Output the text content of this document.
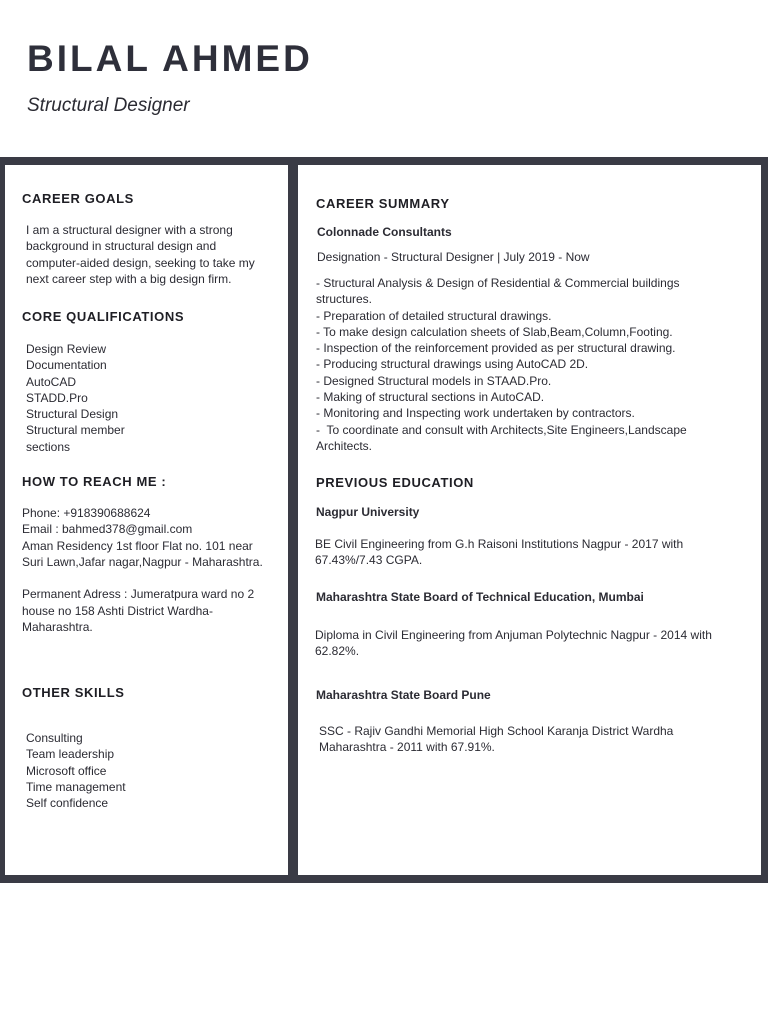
BILAL AHMED
Structural Designer
CAREER GOALS

I am a structural designer with a strong background in structural design and computer-aided design, seeking to take my next career step with a big design firm.

CORE QUALIFICATIONS
Design Review
Documentation
AutoCAD
STADD.Pro
Structural Design
Structural member
sections
HOW TO REACH ME :
Phone: +918390688624
Email : bahmed378@gmail.com
Aman Residency 1st floor Flat no. 101 near Suri Lawn,Jafar nagar,Nagpur - Maharashtra.
Permanent Adress : Jumeratpura ward no 2 house no 158 Ashti District Wardha- Maharashtra.
OTHER SKILLS
Consulting
Team leadership
Microsoft office
Time management
Self confidence
CAREER SUMMARY
Colonnade Consultants
Designation - Structural Designer | July 2019 - Now
- Structural Analysis & Design of Residential & Commercial buildings structures.
- Preparation of detailed structural drawings.
- To make design calculation sheets of Slab,Beam,Column,Footing.
- Inspection of the reinforcement provided as per structural drawing.
- Producing structural drawings using AutoCAD 2D.
- Designed Structural models in STAAD.Pro.
- Making of structural sections in AutoCAD.
- Monitoring and Inspecting work undertaken by contractors.
-  To coordinate and consult with Architects,Site Engineers,Landscape             Architects.
PREVIOUS EDUCATION
Nagpur University
BE Civil Engineering from G.h Raisoni Institutions Nagpur - 2017 with 67.43%/7.43 CGPA.
Maharashtra State Board of Technical Education, Mumbai
Diploma in Civil Engineering from Anjuman Polytechnic Nagpur - 2014 with 62.82%.
Maharashtra State Board Pune
SSC - Rajiv Gandhi Memorial High School Karanja District Wardha Maharashtra - 2011 with 67.91%.
